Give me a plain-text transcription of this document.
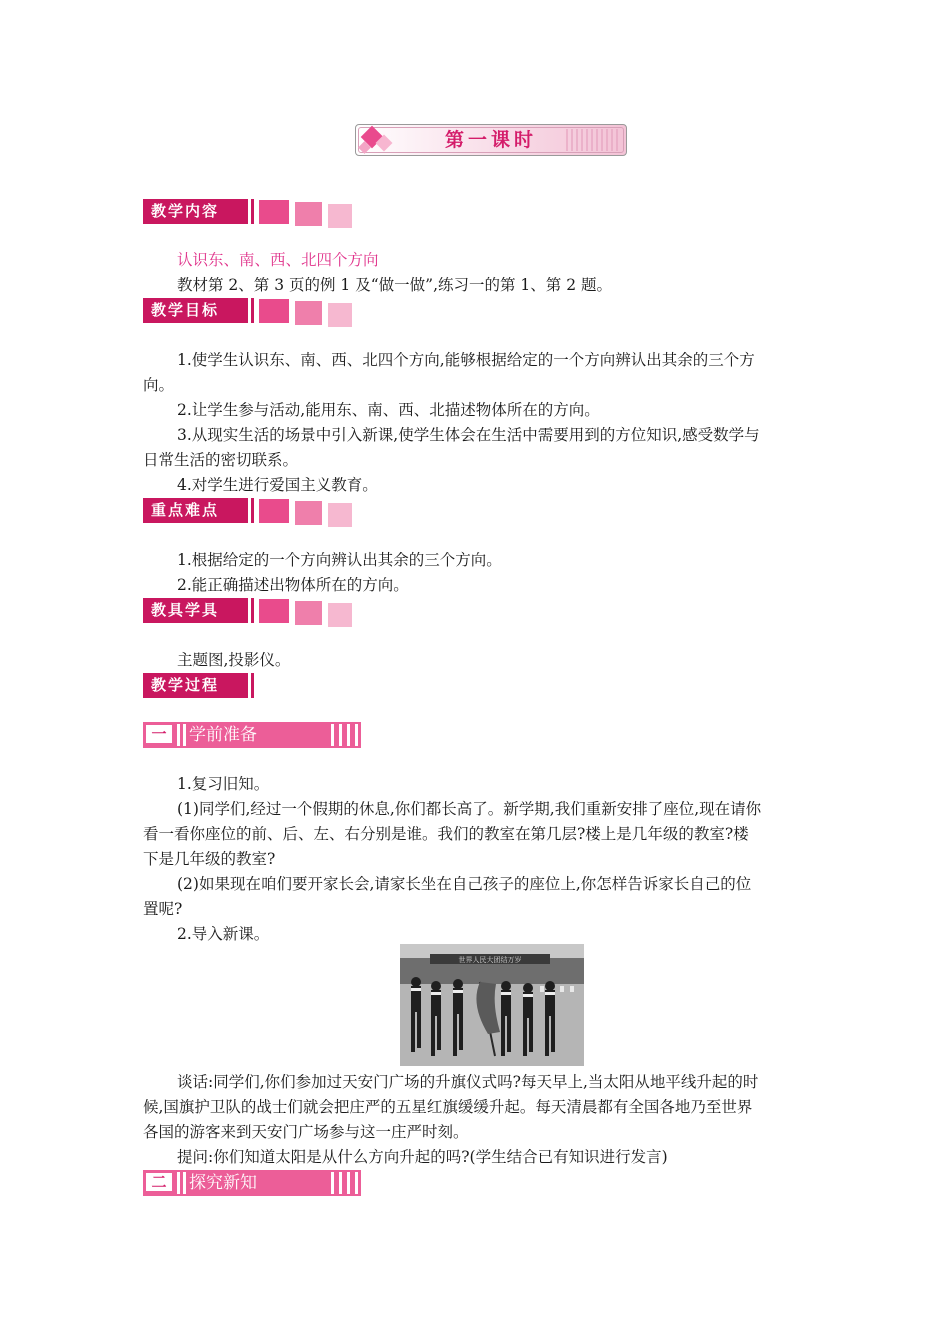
第一课时
教学内容
认识东、南、西、北四个方向
教材第 2、第 3 页的例 1 及“做一做”,练习一的第 1、第 2 题。
教学目标
1.使学生认识东、南、西、北四个方向,能够根据给定的一个方向辨认出其余的三个方
向。
2.让学生参与活动,能用东、南、西、北描述物体所在的方向。
3.从现实生活的场景中引入新课,使学生体会在生活中需要用到的方位知识,感受数学与
日常生活的密切联系。
4.对学生进行爱国主义教育。
重点难点
1.根据给定的一个方向辨认出其余的三个方向。
2.能正确描述出物体所在的方向。
教具学具
主题图,投影仪。
教学过程
一	学前准备
1.复习旧知。
(1)同学们,经过一个假期的休息,你们都长高了。新学期,我们重新安排了座位,现在请你
看一看你座位的前、后、左、右分别是谁。我们的教室在第几层?楼上是几年级的教室?楼
下是几年级的教室?
(2)如果现在咱们要开家长会,请家长坐在自己孩子的座位上,你怎样告诉家长自己的位
置呢?
2.导入新课。
世界人民大团结万岁
谈话:同学们,你们参加过天安门广场的升旗仪式吗?每天早上,当太阳从地平线升起的时
候,国旗护卫队的战士们就会把庄严的五星红旗缓缓升起。每天清晨都有全国各地乃至世界
各国的游客来到天安门广场参与这一庄严时刻。
提问:你们知道太阳是从什么方向升起的吗?(学生结合已有知识进行发言)
二	探究新知
